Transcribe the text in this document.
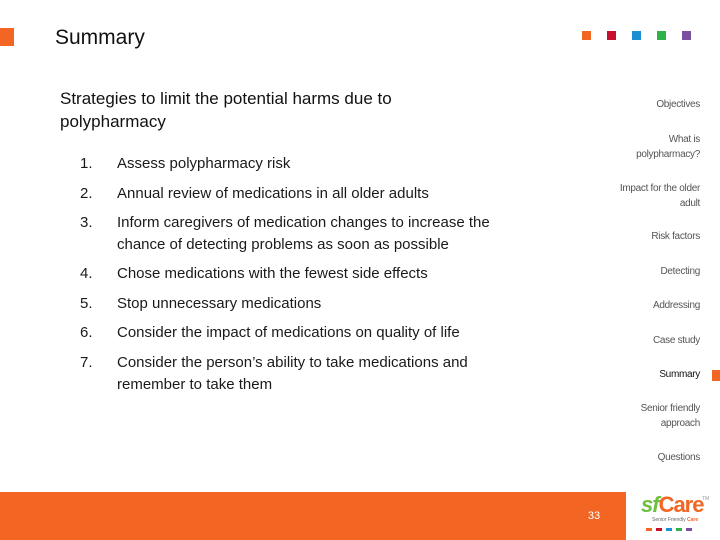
Summary
Strategies to limit the potential harms due to polypharmacy
1.	Assess polypharmacy risk
2.	Annual review of medications in all older adults
3.	Inform caregivers of medication changes to increase the chance of detecting problems as soon as possible
4.	Chose medications with the fewest side effects
5.	Stop unnecessary medications
6.	Consider the impact of medications on quality of life
7.	Consider the person’s ability to take medications and remember to take them
Objectives
What is polypharmacy?
Impact for the older adult
Risk factors
Detecting
Addressing
Case study
Summary
Senior friendly approach
Questions
33	sfCare
TM
Senior Friendly Care
